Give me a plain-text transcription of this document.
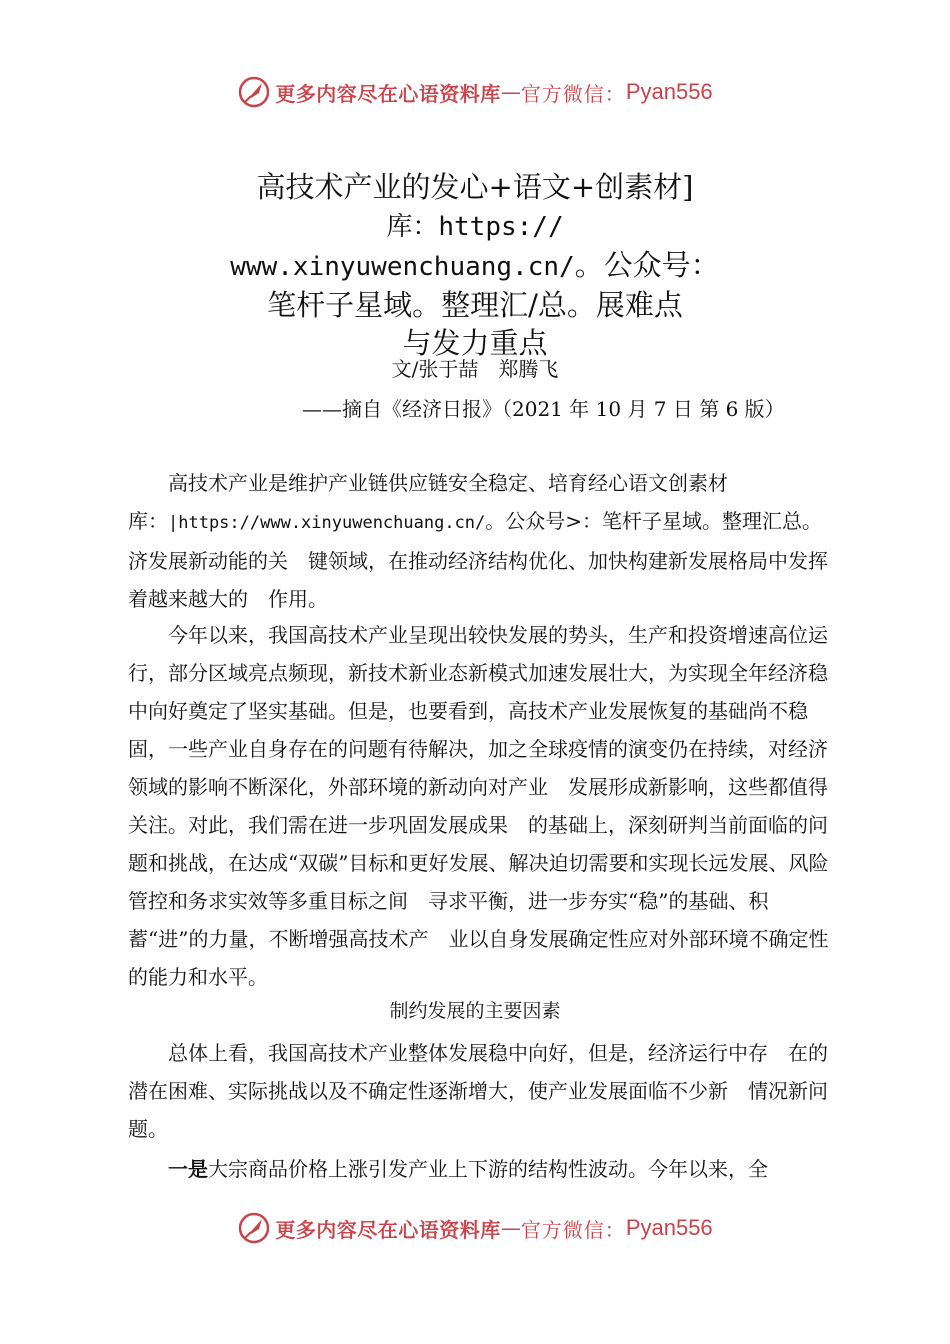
更多内容尽在心语资料库 — 官方微信： Pyan556
高技术产业的发心+语文+创素材]
库：https://
www.xinyuwenchuang.cn/。公众号：
笔杆子星域。整理汇/总。展难点
与发力重点
文/张于喆　郑腾飞
——摘自《经济日报》（2021 年 10 月 7 日 第 6 版）

高技术产业是维护产业链供应链安全稳定、培育经心语文创素材库：|https://www.xinyuwenchuang.cn/。公众号>：笔杆子星域。整理汇总。济发展新动能的关　键领域，在推动经济结构优化、加快构建新发展格局中发挥着越来越大的　作用。

今年以来，我国高技术产业呈现出较快发展的势头，生产和投资增速高位运行，部分区域亮点频现，新技术新业态新模式加速发展壮大，为实现全年经济稳中向好奠定了坚实基础。但是，也要看到，高技术产业发展恢复的基础尚不稳固，一些产业自身存在的问题有待解决，加之全球疫情的演变仍在持续，对经济领域的影响不断深化，外部环境的新动向对产业　发展形成新影响，这些都值得关注。对此，我们需在进一步巩固发展成果　的基础上，深刻研判当前面临的问题和挑战，在达成“双碳”目标和更好发展、解决迫切需要和实现长远发展、风险管控和务求实效等多重目标之间　寻求平衡，进一步夯实“稳”的基础、积蓄“进”的力量，不断增强高技术产　业以自身发展确定性应对外部环境不确定性的能力和水平。

制约发展的主要因素

总体上看，我国高技术产业整体发展稳中向好，但是，经济运行中存　在的潜在困难、实际挑战以及不确定性逐渐增大，使产业发展面临不少新　情况新问题。

一是大宗商品价格上涨引发产业上下游的结构性波动。今年以来，全

更多内容尽在心语资料库 — 官方微信： Pyan556
